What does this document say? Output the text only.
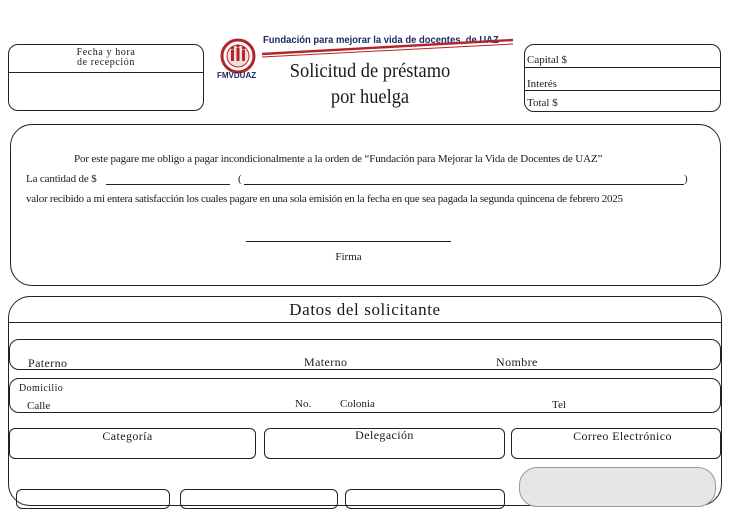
Fecha y hora
de recepción
FMVDUAZ
Fundación para mejorar la vida de docentes, de UAZ
Solicitud de préstamo
por huelga
Capital $
Interés
Total $
Por este pagare me obligo a pagar incondicionalmente a la orden de “Fundación para Mejorar la Vida de Docentes de UAZ”
La cantidad de $	(	)
valor recibido a mi entera satisfacción los cuales pagare en una sola emisión en la fecha en que sea pagada la segunda quincena de febrero 2025
Firma
Datos del solicitante
Paterno	Materno	Nombre
Domicilio
Calle	No.	Colonia	Tel
Categoría	Delegación	Correo Electrónico
